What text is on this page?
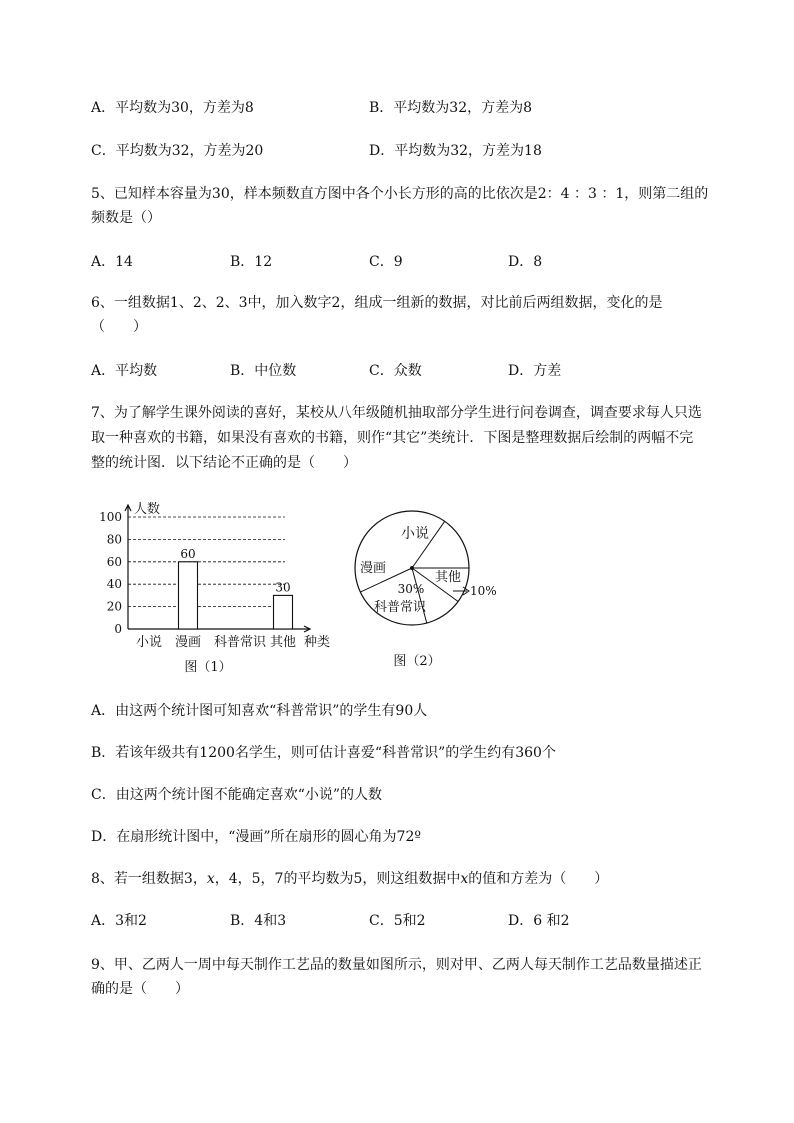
A．平均数为30，方差为8	B．平均数为32，方差为8
C．平均数为32，方差为20	D．平均数为32，方差为18
5、已知样本容量为30，样本频数直方图中各个小长方形的高的比依次是2：4 ：3 ：1，则第二组的
频数是（）
A．14	B．12	C．9	D．8
6、一组数据1、2、2、3中，加入数字2，组成一组新的数据，对比前后两组数据，变化的是
（　　）
A．平均数	B．中位数	C．众数	D．方差
7、为了解学生课外阅读的喜好，某校从八年级随机抽取部分学生进行问卷调查，调查要求每人只选
取一种喜欢的书籍，如果没有喜欢的书籍，则作“其它”类统计．下图是整理数据后绘制的两幅不完
整的统计图．以下结论不正确的是（　　）
人数
0
20
40
60
80
100
60
30
小说 漫画 科普常识 其他 种类
图（1）
小说
漫画
科普常识
其他
30%	10%
图（2）
A．由这两个统计图可知喜欢“科普常识”的学生有90人
B．若该年级共有1200名学生，则可估计喜爱“科普常识”的学生约有360个
C．由这两个统计图不能确定喜欢“小说”的人数
D．在扇形统计图中，“漫画”所在扇形的圆心角为72º
8、若一组数据3，x，4，5，7的平均数为5，则这组数据中x的值和方差为（　　）
A．3和2	B．4和3	C．5和2	D．6 和2
9、甲、乙两人一周中每天制作工艺品的数量如图所示，则对甲、乙两人每天制作工艺品数量描述正
确的是（　　）
